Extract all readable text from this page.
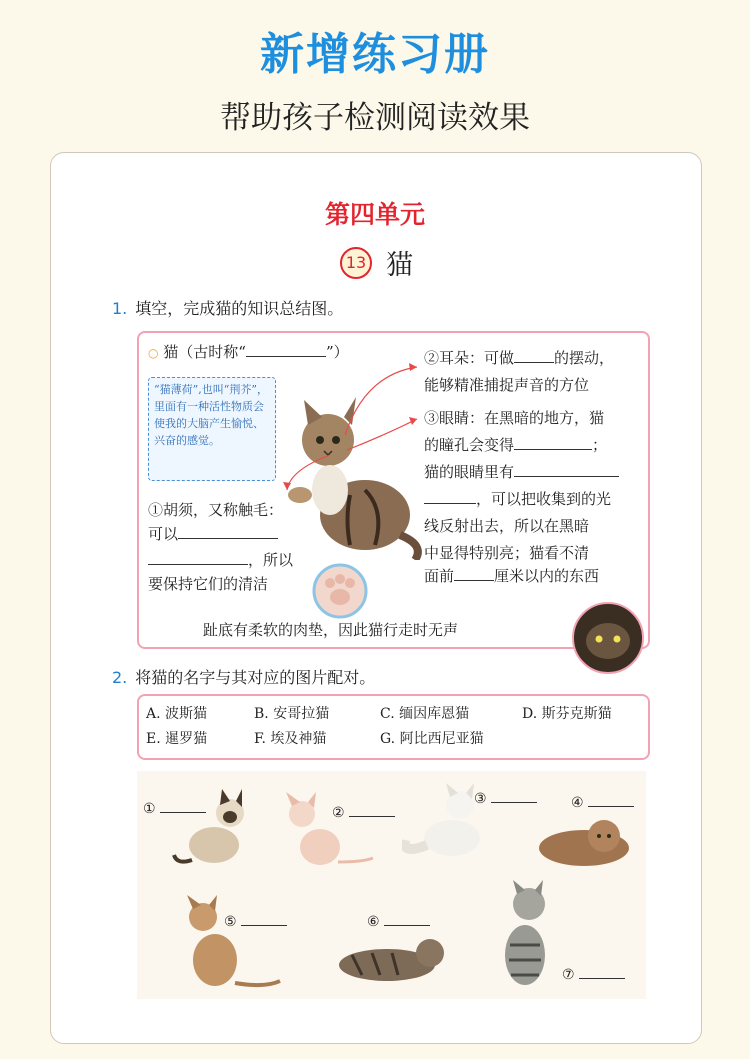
新增练习册
帮助孩子检测阅读效果
第四单元
13 猫
1. 填空，完成猫的知识总结图。
○ 猫（古时称“	”）
“猫薄荷”,也叫“荆芥”，里面有一种活性物质会使我的大脑产生愉悦、兴奋的感觉。
②耳朵：可做	的摆动，
能够精准捕捉声音的方位
③眼睛：在黑暗的地方，猫
的瞳孔会变得	；
猫的眼睛里有
，可以把收集到的光
线反射出去，所以在黑暗
中显得特别亮；猫看不清
面前	厘米以内的东西
①胡须，又称触毛：
可以
，所以
要保持它们的清洁
趾底有柔软的肉垫，因此猫行走时无声
2. 将猫的名字与其对应的图片配对。
A. 波斯猫	B. 安哥拉猫	C. 缅因库恩猫	D. 斯芬克斯猫
E. 暹罗猫	F. 埃及神猫	G. 阿比西尼亚猫
①	②
③	④
⑤	⑥
⑦
